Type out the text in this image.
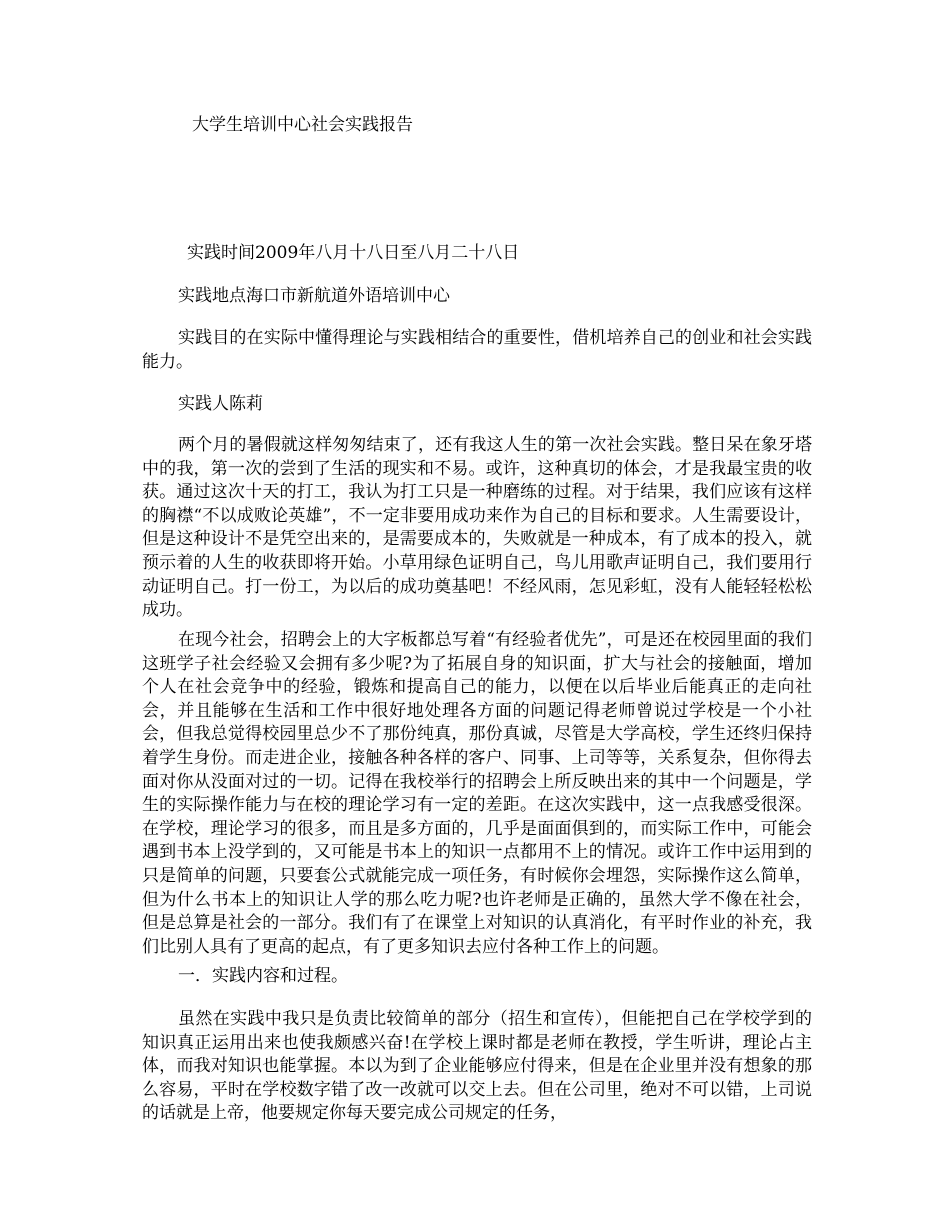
大学生培训中心社会实践报告

实践时间2009年八月十八日至八月二十八日

实践地点海口市新航道外语培训中心

实践目的在实际中懂得理论与实践相结合的重要性，借机培养自己的创业和社会实践能力。

实践人陈莉

两个月的暑假就这样匆匆结束了，还有我这人生的第一次社会实践。整日呆在象牙塔中的我，第一次的尝到了生活的现实和不易。或许，这种真切的体会，才是我最宝贵的收获。通过这次十天的打工，我认为打工只是一种磨练的过程。对于结果，我们应该有这样的胸襟“不以成败论英雄”，不一定非要用成功来作为自己的目标和要求。人生需要设计，但是这种设计不是凭空出来的，是需要成本的，失败就是一种成本，有了成本的投入，就预示着的人生的收获即将开始。小草用绿色证明自己，鸟儿用歌声证明自己，我们要用行动证明自己。打一份工，为以后的成功奠基吧！不经风雨，怎见彩虹，没有人能轻轻松松成功。

在现今社会，招聘会上的大字板都总写着“有经验者优先”，可是还在校园里面的我们这班学子社会经验又会拥有多少呢?为了拓展自身的知识面，扩大与社会的接触面，增加个人在社会竞争中的经验，锻炼和提高自己的能力，以便在以后毕业后能真正的走向社会，并且能够在生活和工作中很好地处理各方面的问题记得老师曾说过学校是一个小社会，但我总觉得校园里总少不了那份纯真，那份真诚，尽管是大学高校，学生还终归保持着学生身份。而走进企业，接触各种各样的客户、同事、上司等等，关系复杂，但你得去面对你从没面对过的一切。记得在我校举行的招聘会上所反映出来的其中一个问题是，学生的实际操作能力与在校的理论学习有一定的差距。在这次实践中，这一点我感受很深。在学校，理论学习的很多，而且是多方面的，几乎是面面俱到的，而实际工作中，可能会遇到书本上没学到的，又可能是书本上的知识一点都用不上的情况。或许工作中运用到的只是简单的问题，只要套公式就能完成一项任务，有时候你会埋怨，实际操作这么简单，但为什么书本上的知识让人学的那么吃力呢?也许老师是正确的，虽然大学不像在社会，但是总算是社会的一部分。我们有了在课堂上对知识的认真消化，有平时作业的补充，我们比别人具有了更高的起点，有了更多知识去应付各种工作上的问题。

一．实践内容和过程。

虽然在实践中我只是负责比较简单的部分（招生和宣传），但能把自己在学校学到的知识真正运用出来也使我颇感兴奋!在学校上课时都是老师在教授，学生听讲，理论占主体，而我对知识也能掌握。本以为到了企业能够应付得来，但是在企业里并没有想象的那么容易，平时在学校数字错了改一改就可以交上去。但在公司里，绝对不可以错，上司说的话就是上帝，他要规定你每天要完成公司规定的任务，
